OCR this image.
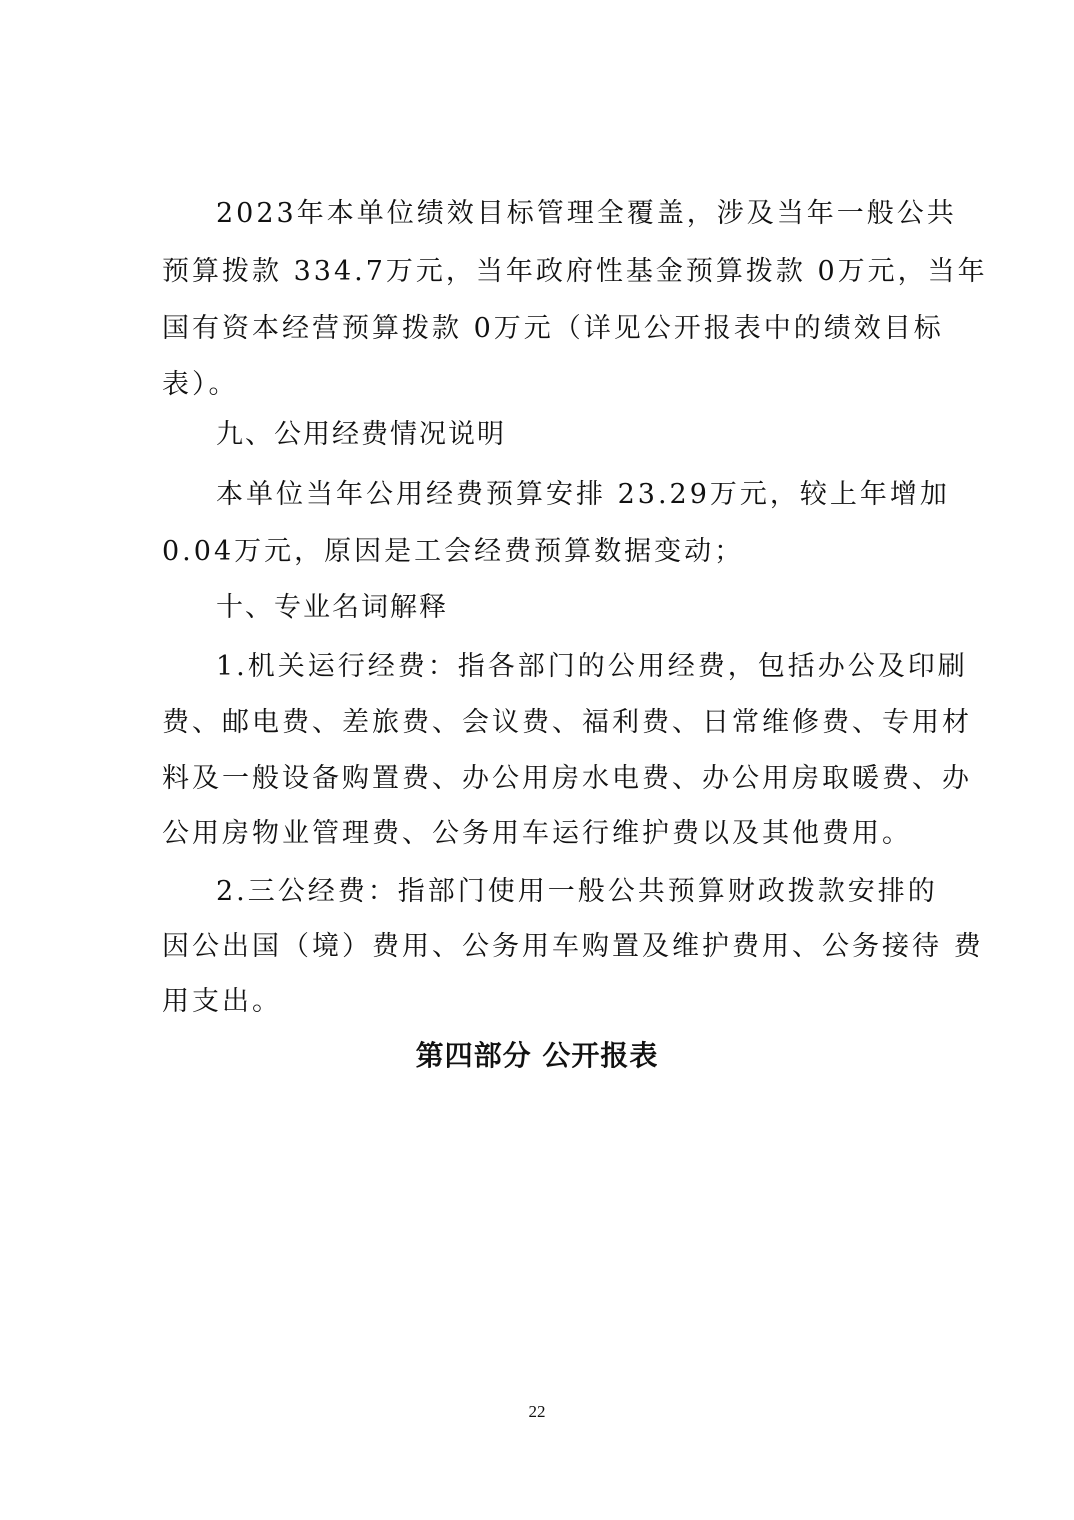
2023年本单位绩效目标管理全覆盖，涉及当年一般公共
预算拨款 334.7万元，当年政府性基金预算拨款 0万元，当年
国有资本经营预算拨款 0万元（详见公开报表中的绩效目标
表）。
九、公用经费情况说明
本单位当年公用经费预算安排 23.29万元，较上年增加
0.04万元，原因是工会经费预算数据变动；
十、专业名词解释
1.机关运行经费：指各部门的公用经费，包括办公及印刷
费、邮电费、差旅费、会议费、福利费、日常维修费、专用材
料及一般设备购置费、办公用房水电费、办公用房取暖费、办
公用房物业管理费、公务用车运行维护费以及其他费用。
2.三公经费：指部门使用一般公共预算财政拨款安排的
因公出国（境）费用、公务用车购置及维护费用、公务接待 费
用支出。
第四部分 公开报表
22
